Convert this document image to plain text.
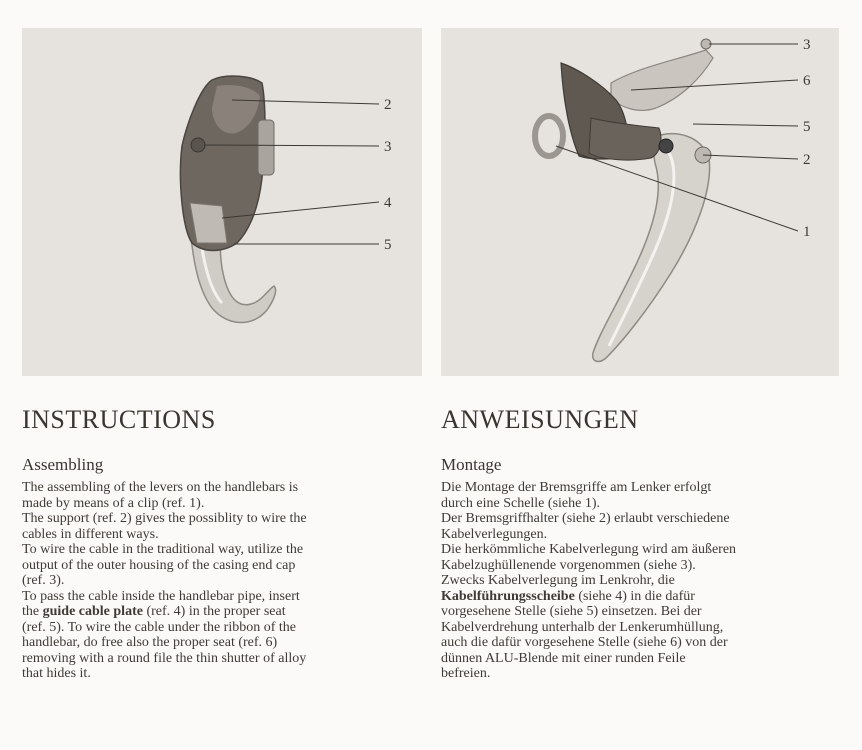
2
3
4
5
3
6
5
2
1
INSTRUCTIONS
Assembling
The assembling of the levers on the handlebars is
made by means of a clip (ref. 1).
The support (ref. 2) gives the possiblity to wire the
cables in different ways.
To wire the cable in the traditional way, utilize the
output of the outer housing of the casing end cap
(ref. 3).
To pass the cable inside the handlebar pipe, insert
the guide cable plate (ref. 4) in the proper seat
(ref. 5). To wire the cable under the ribbon of the
handlebar, do free also the proper seat (ref. 6)
removing with a round file the thin shutter of alloy
that hides it.
ANWEISUNGEN
Montage
Die Montage der Bremsgriffe am Lenker erfolgt
durch eine Schelle (siehe 1).
Der Bremsgriffhalter (siehe 2) erlaubt verschiedene
Kabelverlegungen.
Die herkömmliche Kabelverlegung wird am äußeren
Kabelzughüllenende vorgenommen (siehe 3).
Zwecks Kabelverlegung im Lenkrohr, die
Kabelführungsscheibe (siehe 4) in die dafür
vorgesehene Stelle (siehe 5) einsetzen. Bei der
Kabelverdrehung unterhalb der Lenkerumhüllung,
auch die dafür vorgesehene Stelle (siehe 6) von der
dünnen ALU-Blende mit einer runden Feile
befreien.
